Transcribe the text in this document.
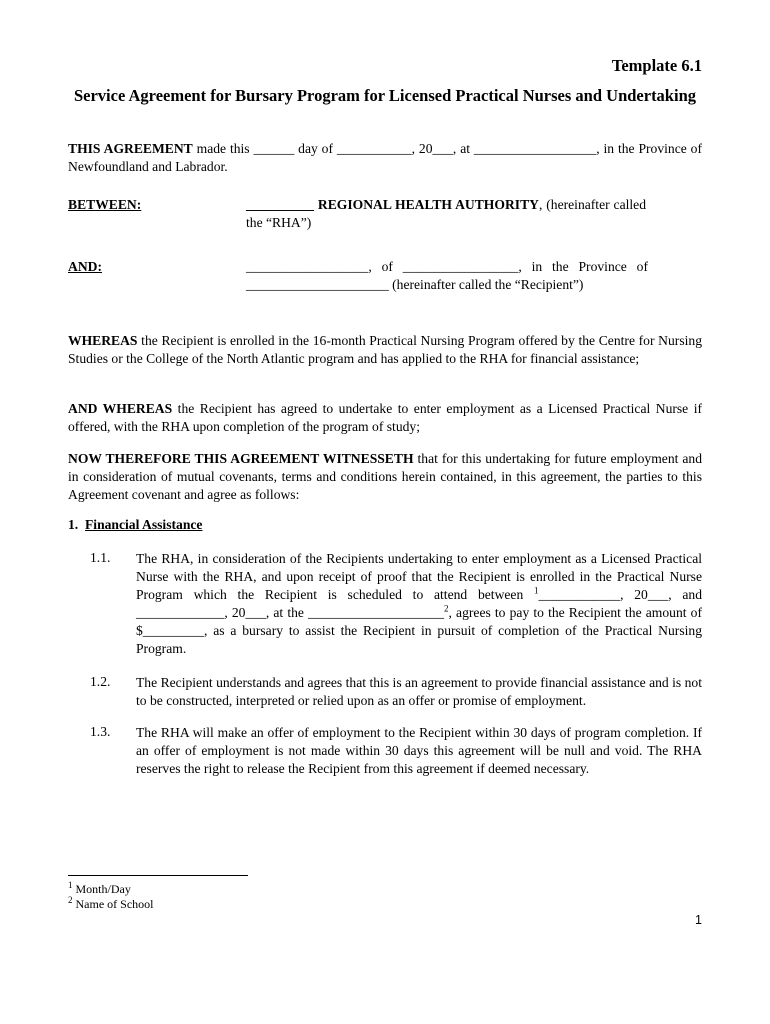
Template 6.1
Service Agreement for Bursary Program for Licensed Practical Nurses and Undertaking
THIS AGREEMENT made this ______ day of ___________, 20___, at __________________, in the Province of Newfoundland and Labrador.
BETWEEN:	__________ REGIONAL HEALTH AUTHORITY, (hereinafter called the “RHA”)
AND:	__________________, of _________________, in the Province of _____________________ (hereinafter called the “Recipient”)
WHEREAS the Recipient is enrolled in the 16-month Practical Nursing Program offered by the Centre for Nursing Studies or the College of the North Atlantic program and has applied to the RHA for financial assistance;
AND WHEREAS the Recipient has agreed to undertake to enter employment as a Licensed Practical Nurse if offered, with the RHA upon completion of the program of study;
NOW THEREFORE THIS AGREEMENT WITNESSETH that for this undertaking for future employment and in consideration of mutual covenants, terms and conditions herein contained, in this agreement, the parties to this Agreement covenant and agree as follows:
1. Financial Assistance
1.1.	The RHA, in consideration of the Recipients undertaking to enter employment as a Licensed Practical Nurse with the RHA, and upon receipt of proof that the Recipient is enrolled in the Practical Nurse Program which the Recipient is scheduled to attend between $^1$____________, 20___, and _____________, 20___, at the ____________________$^2$, agrees to pay to the Recipient the amount of $_________, as a bursary to assist the Recipient in pursuit of completion of the Practical Nursing Program.
1.2.	The Recipient understands and agrees that this is an agreement to provide financial assistance and is not to be constructed, interpreted or relied upon as an offer or promise of employment.
1.3.	The RHA will make an offer of employment to the Recipient within 30 days of program completion. If an offer of employment is not made within 30 days this agreement will be null and void. The RHA reserves the right to release the Recipient from this agreement if deemed necessary.
$^1$ Month/Day
$^2$ Name of School
1
